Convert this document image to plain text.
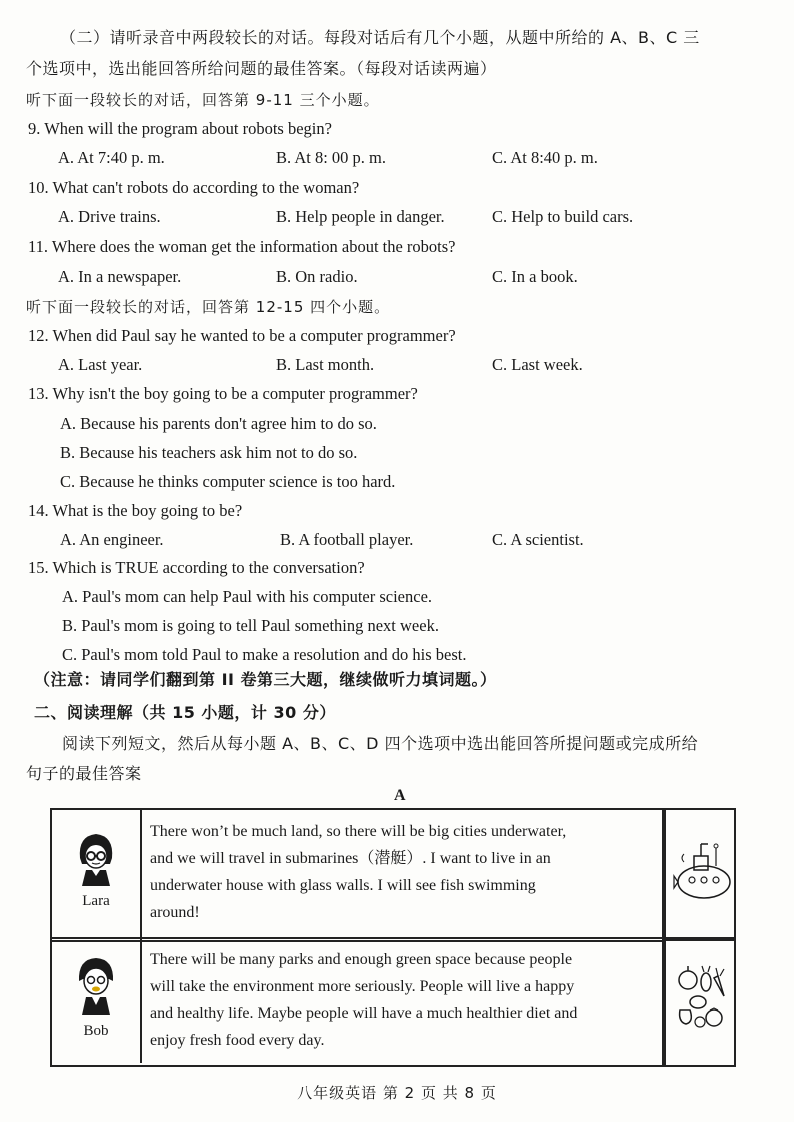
（二）请听录音中两段较长的对话。每段对话后有几个小题，从题中所给的 A、B、C 三
个选项中，选出能回答所给问题的最佳答案。（每段对话读两遍）
听下面一段较长的对话，回答第 9-11 三个小题。
9. When will the program about robots begin?
A. At 7:40 p. m.	B. At 8: 00 p. m.	C. At 8:40 p. m.
10. What can't robots do according to the woman?
A. Drive trains.	B. Help people in danger.	C. Help to build cars.
11. Where does the woman get the information about the robots?
A. In a newspaper.	B. On radio.	C. In a book.
听下面一段较长的对话，回答第 12-15 四个小题。
12. When did Paul say he wanted to be a computer programmer?
A. Last year.	B. Last month.	C. Last week.
13. Why isn't the boy going to be a computer programmer?
A. Because his parents don't agree him to do so.
B. Because his teachers ask him not to do so.
C. Because he thinks computer science is too hard.
14. What is the boy going to be?
A. An engineer.	B. A football player.	C. A scientist.
15. Which is TRUE according to the conversation?
A. Paul's mom can help Paul with his computer science.
B. Paul's mom is going to tell Paul something next week.
C. Paul's mom told Paul to make a resolution and do his best.
（注意：请同学们翻到第 II 卷第三大题，继续做听力填词题。）
二、阅读理解（共 15 小题，计 30 分）
阅读下列短文，然后从每小题 A、B、C、D 四个选项中选出能回答所提问题或完成所给
句子的最佳答案
A
Lara
Bob
There won’t be much land, so there will be big cities underwater,
and we will travel in submarines（潜艇）. I want to live in an
underwater house with glass walls. I will see fish swimming
around!
There will be many parks and enough green space because people
will take the environment more seriously. People will live a happy
and healthy life. Maybe people will have a much healthier diet and
enjoy fresh food every day.
八年级英语 第 2 页 共 8 页
